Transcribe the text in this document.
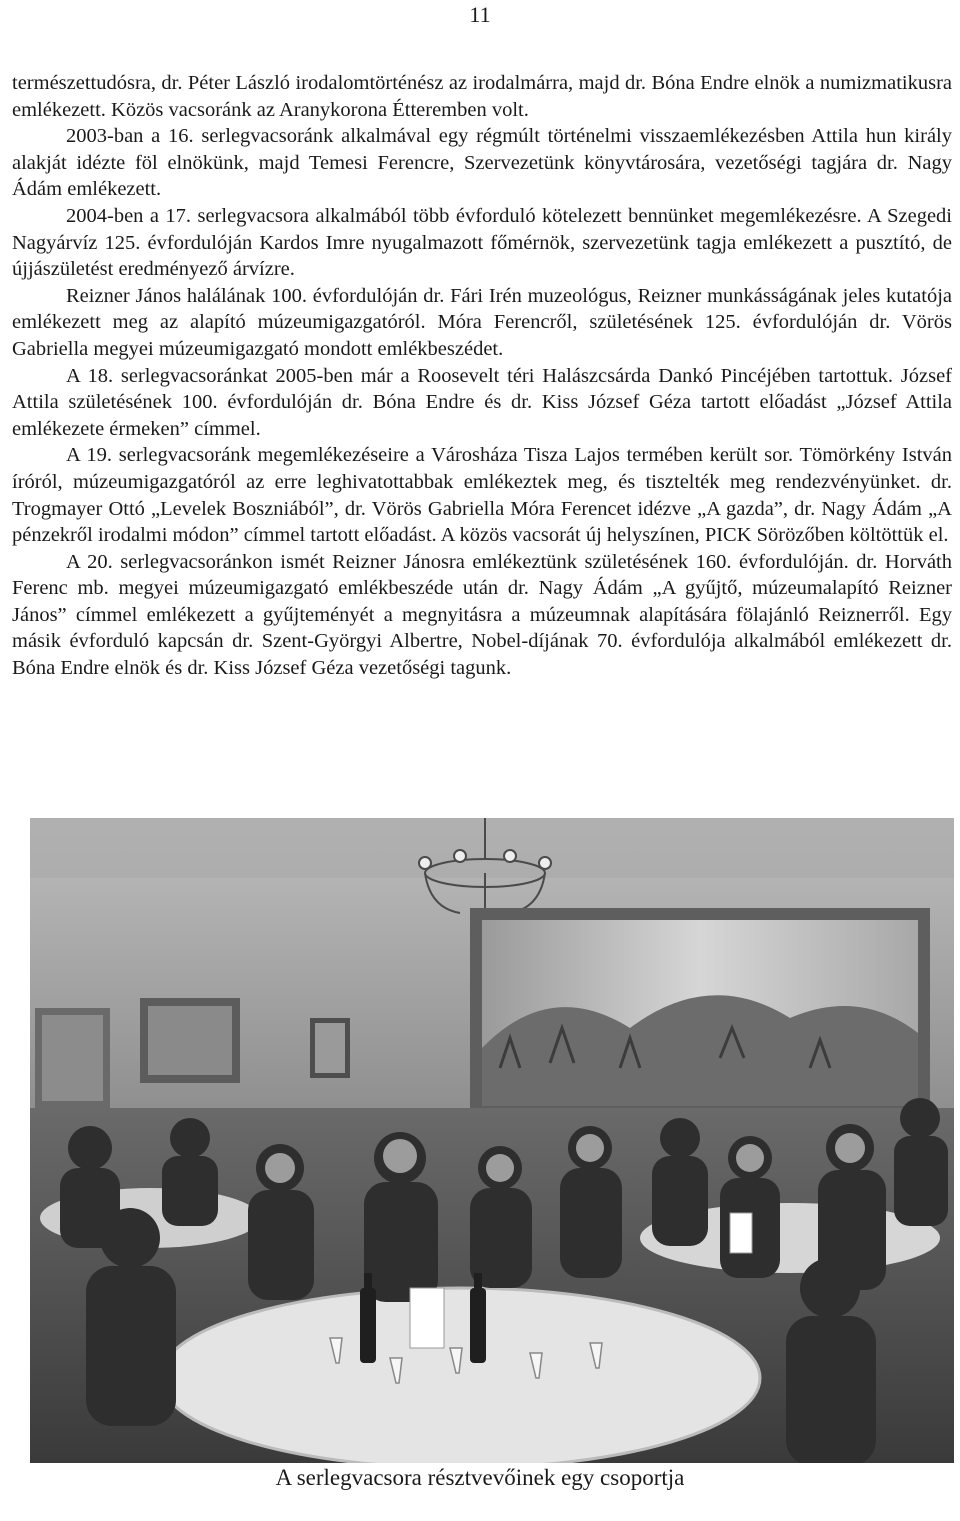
11

természettudósra, dr. Péter László irodalomtörténész az irodalmárra, majd dr. Bóna Endre elnök a numizmatikusra emlékezett. Közös vacsoránk az Aranykorona Étteremben volt.

2003-ban a 16. serlegvacsoránk alkalmával egy régmúlt történelmi visszaemlékezésben Attila hun király alakját idézte föl elnökünk, majd Temesi Ferencre, Szervezetünk könyvtárosára, vezetőségi tagjára dr. Nagy Ádám emlékezett.

2004-ben a 17. serlegvacsora alkalmából több évforduló kötelezett bennünket megemlékezésre. A Szegedi Nagyárvíz 125. évfordulóján Kardos Imre nyugalmazott főmérnök, szervezetünk tagja emlékezett a pusztító, de újjászületést eredményező árvízre.

Reizner János halálának 100. évfordulóján dr. Fári Irén muzeológus, Reizner munkásságának jeles kutatója emlékezett meg az alapító múzeumigazgatóról. Móra Ferencről, születésének 125. évfordulóján dr. Vörös Gabriella megyei múzeumigazgató mondott emlékbeszédet.

A 18. serlegvacsoránkat 2005-ben már a Roosevelt téri Halászcsárda Dankó Pincéjében tartottuk. József Attila születésének 100. évfordulóján dr. Bóna Endre és dr. Kiss József Géza tartott előadást „József Attila emlékezete érmeken” címmel.

A 19. serlegvacsoránk megemlékezéseire a Városháza Tisza Lajos termében került sor. Tömörkény István íróról, múzeumigazgatóról az erre leghivatottabbak emlékeztek meg, és tisztelték meg rendezvényünket. dr. Trogmayer Ottó „Levelek Boszniából”, dr. Vörös Gabriella Móra Ferencet idézve „A gazda”, dr. Nagy Ádám „A pénzekről irodalmi módon” címmel tartott előadást. A közös vacsorát új helyszínen, PICK Sörözőben költöttük el.

A 20. serlegvacsoránkon ismét Reizner Jánosra emlékeztünk születésének 160. évfordulóján. dr. Horváth Ferenc mb. megyei múzeumigazgató emlékbeszéde után dr. Nagy Ádám „A gyűjtő, múzeumalapító Reizner János” címmel emlékezett a gyűjteményét a megnyitásra a múzeumnak alapítására fölajánló Reiznerről. Egy másik évforduló kapcsán dr. Szent-Györgyi Albertre, Nobel-díjának 70. évfordulója alkalmából emlékezett dr. Bóna Endre elnök és dr. Kiss József Géza vezetőségi tagunk.

A serlegvacsora résztvevőinek egy csoportja
